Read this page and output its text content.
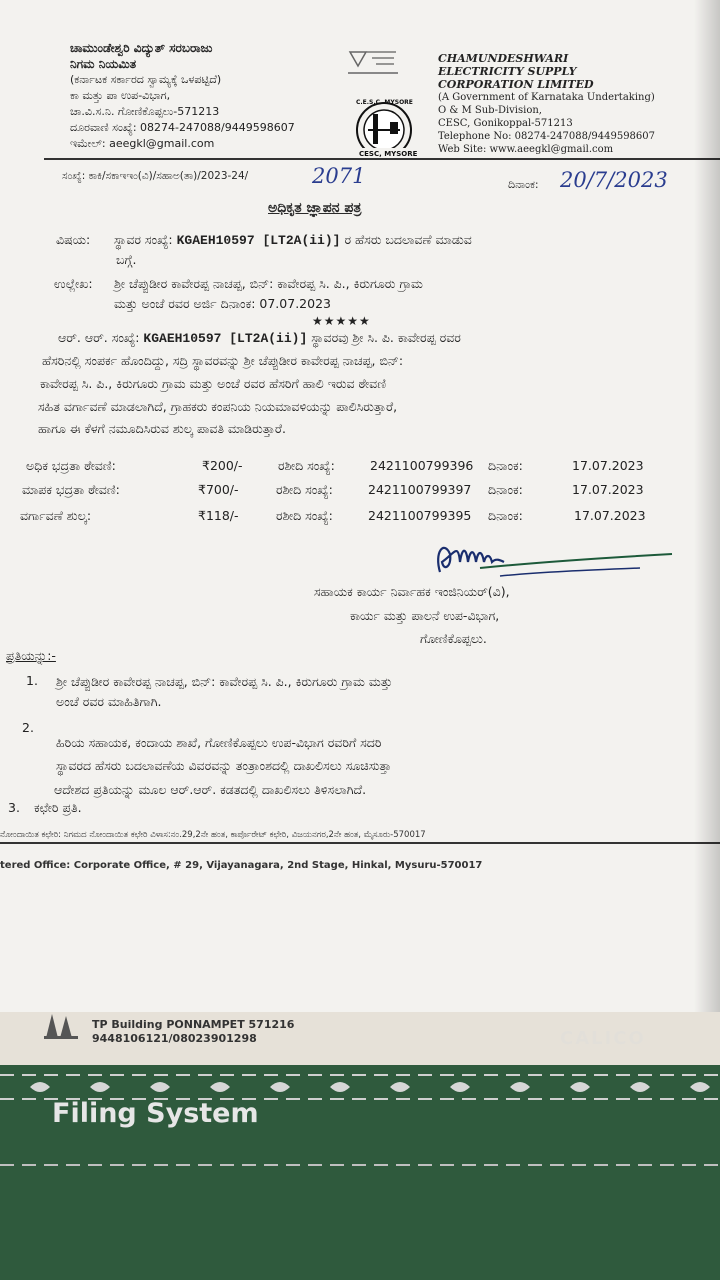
TP Building PONNAMPET 571216
9448106121/08023901298	CALICO
Filing System
ಚಾಮುಂಡೇಶ್ವರಿ ವಿದ್ಯುತ್ ಸರಬರಾಜು
ನಿಗಮ ನಿಯಮಿತ
(ಕರ್ನಾಟಕ ಸರ್ಕಾರದ ಸ್ವಾಮ್ಯಕ್ಕೆ ಒಳಪಟ್ಟಿದೆ)
ಕಾ ಮತ್ತು ಪಾ ಉಪ-ವಿಭಾಗ,
ಚಾ.ವಿ.ಸ.ನಿ. ಗೋಣಿಕೊಪ್ಪಲು-571213
ದೂರವಾಣಿ ಸಂಖ್ಯೆ: 08274-247088/9449598607
ಇಮೇಲ್: aeegkl@gmail.com
C.E.S.C. MYSORE
CESC, MYSORE
CHAMUNDESHWARI
ELECTRICITY SUPPLY
CORPORATION LIMITED
(A Government of Karnataka Undertaking)
O & M Sub-Division,
CESC, Gonikoppal-571213
Telephone No: 08274-247088/9449598607
Web Site: www.aeegkl@gmail.com
ಸಂಖ್ಯೆ: ಕಾಕಿ/ಸಕಾಇಇಂ(ವಿ)/ಸಹಾಅ(ತಾ)/2023-24/	2071	ದಿನಾಂಕ: 20/7/2023
ಅಧಿಕೃತ ಜ್ಞಾಪನ ಪತ್ರ
ವಿಷಯ: ಸ್ಥಾವರ ಸಂಖ್ಯೆ: KGAEH10597 [LT2A(ii)] ರ ಹೆಸರು ಬದಲಾವಣೆ ಮಾಡುವ
ಬಗ್ಗೆ.
ಉಲ್ಲೇಖ: ಶ್ರೀ ಚೆಪ್ಪುಡೀರ ಕಾವೇರಪ್ಪ ನಾಚಪ್ಪ, ಬಿನ್: ಕಾವೇರಪ್ಪ ಸಿ. ಪಿ., ಕಿರುಗೂರು ಗ್ರಾಮ
ಮತ್ತು ಅಂಚೆ ರವರ ಅರ್ಜಿ ದಿನಾಂಕ: 07.07.2023
★★★★★
ಆರ್. ಆರ್. ಸಂಖ್ಯೆ: KGAEH10597 [LT2A(ii)] ಸ್ಥಾವರವು ಶ್ರೀ ಸಿ. ಪಿ. ಕಾವೇರಪ್ಪ ರವರ
ಹೆಸರಿನಲ್ಲಿ ಸಂಪರ್ಕ ಹೊಂದಿದ್ದು, ಸದ್ರಿ ಸ್ಥಾವರವನ್ನು ಶ್ರೀ ಚೆಪ್ಪುಡೀರ ಕಾವೇರಪ್ಪ ನಾಚಪ್ಪ, ಬಿನ್:
ಕಾವೇರಪ್ಪ ಸಿ. ಪಿ., ಕಿರುಗೂರು ಗ್ರಾಮ ಮತ್ತು ಅಂಚೆ ರವರ ಹೆಸರಿಗೆ ಹಾಲಿ ಇರುವ ಠೇವಣಿ
ಸಹಿತ ವರ್ಗಾವಣೆ ಮಾಡಲಾಗಿದೆ, ಗ್ರಾಹಕರು ಕಂಪನಿಯ ನಿಯಮಾವಳಿಯನ್ನು ಪಾಲಿಸಿರುತ್ತಾರೆ,
ಹಾಗೂ ಈ ಕೆಳಗೆ ನಮೂದಿಸಿರುವ ಶುಲ್ಕ ಪಾವತಿ ಮಾಡಿರುತ್ತಾರೆ.
ಅಧಿಕ ಭದ್ರತಾ ಠೇವಣಿ:	₹200/-	ರಶೀದಿ ಸಂಖ್ಯೆ:	2421100799396 ದಿನಾಂಕ:	17.07.2023
ಮಾಪಕ ಭದ್ರತಾ ಠೇವಣಿ:	₹700/-	ರಶೀದಿ ಸಂಖ್ಯೆ:	2421100799397 ದಿನಾಂಕ:	17.07.2023
ವರ್ಗಾವಣೆ ಶುಲ್ಕ:	₹118/-	ರಶೀದಿ ಸಂಖ್ಯೆ:	2421100799395 ದಿನಾಂಕ:	17.07.2023
ಸಹಾಯಕ ಕಾರ್ಯ ನಿರ್ವಾಹಕ ಇಂಜಿನಿಯರ್(ವಿ),
ಕಾರ್ಯ ಮತ್ತು ಪಾಲನೆ ಉಪ-ವಿಭಾಗ,
ಗೋಣಿಕೊಪ್ಪಲು.
ಪ್ರತಿಯನ್ನು:-
1. ಶ್ರೀ ಚೆಪ್ಪುಡೀರ ಕಾವೇರಪ್ಪ ನಾಚಪ್ಪ, ಬಿನ್: ಕಾವೇರಪ್ಪ ಸಿ. ಪಿ., ಕಿರುಗೂರು ಗ್ರಾಮ ಮತ್ತು
ಅಂಚೆ ರವರ ಮಾಹಿತಿಗಾಗಿ.
2.
ಹಿರಿಯ ಸಹಾಯಕ, ಕಂದಾಯ ಶಾಖೆ, ಗೋಣಿಕೊಪ್ಪಲು ಉಪ-ವಿಭಾಗ ರವರಿಗೆ ಸದರಿ
ಸ್ಥಾವರದ ಹೆಸರು ಬದಲಾವಣೆಯ ವಿವರವನ್ನು ತಂತ್ರಾಂಶದಲ್ಲಿ ದಾಖಲಿಸಲು ಸೂಚಿಸುತ್ತಾ
ಆದೇಶದ ಪ್ರತಿಯನ್ನು ಮೂಲ ಆರ್.ಆರ್. ಕಡತದಲ್ಲಿ ದಾಖಲಿಸಲು ತಿಳಿಸಲಾಗಿದೆ.
3. ಕಛೇರಿ ಪ್ರತಿ.
ನೋಂದಾಯಿತ ಕಛೇರಿ: ನಿಗಮದ ನೋಂದಾಯಿತ ಕಛೇರಿ ವಿಳಾಸ:ನಂ.29,2ನೇ ಹಂತ, ಕಾರ್ಪೊರೇಟ್ ಕಛೇರಿ, ವಿಜಯನಗರ,2ನೇ ಹಂತ, ಮೈಸೂರು-570017
tered Office: Corporate Office, # 29, Vijayanagara, 2nd Stage, Hinkal, Mysuru-570017
